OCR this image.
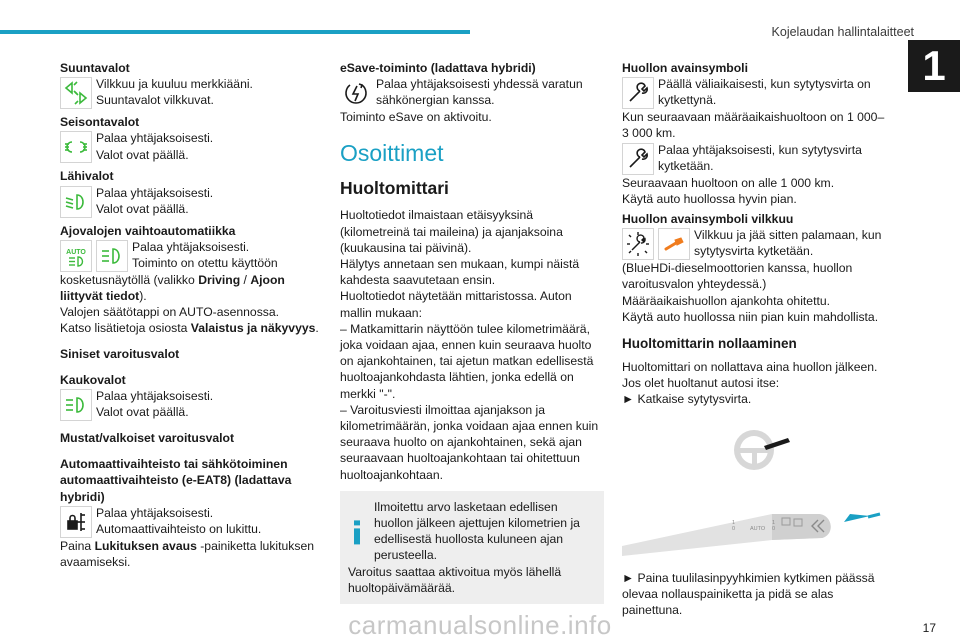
Kojelaudan hallintalaitteet
1

Suuntavalot

Vilkkuu ja kuuluu merkkiääni.

Suuntavalot vilkkuvat.

Seisontavalot

Palaa yhtäjaksoisesti.

Valot ovat päällä.

Lähivalot

Palaa yhtäjaksoisesti.

Valot ovat päällä.

Ajovalojen vaihtoautomatiikka

AUTO	Palaa yhtäjaksoisesti.

Toiminto on otettu käyttöön

kosketusnäytöllä (valikko Driving / Ajoon liittyvät tiedot).

Valojen säätötappi on AUTO-asennossa.

Katso lisätietoja osiosta Valaistus ja näkyvyys.

Siniset varoitusvalot

Kaukovalot

Palaa yhtäjaksoisesti.

Valot ovat päällä.

Mustat/valkoiset varoitusvalot

Automaattivaihteisto tai sähkötoiminen automaattivaihteisto (e-EAT8) (ladattava hybridi)

Palaa yhtäjaksoisesti.

Automaattivaihteisto on lukittu.

Paina Lukituksen avaus -painiketta lukituksen avaamiseksi.

eSave-toiminto (ladattava hybridi)

Palaa yhtäjaksoisesti yhdessä varatun sähkönergian kanssa.

Toiminto eSave on aktivoitu.

Osoittimet
Huoltomittari

Huoltotiedot ilmaistaan etäisyyksinä (kilometreinä tai maileina) ja ajanjaksoina (kuukausina tai päivinä).

Hälytys annetaan sen mukaan, kumpi näistä kahdesta saavutetaan ensin.

Huoltotiedot näytetään mittaristossa. Auton mallin mukaan:

– Matkamittarin näyttöön tulee kilometrimäärä, joka voidaan ajaa, ennen kuin seuraava huolto on ajankohtainen, tai ajetun matkan edellisestä huoltoajankohdasta lähtien, jonka edellä on merkki "-".

– Varoitusviesti ilmoittaa ajanjakson ja kilometrimäärän, jonka voidaan ajaa ennen kuin seuraava huolto on ajankohtainen, sekä ajan seuraavaan huoltoajankohtaan tai ohitettuun huoltoajankohtaan.

Ilmoitettu arvo lasketaan edellisen huollon jälkeen ajettujen kilometrien ja edellisestä huollosta kuluneen ajan perusteella.

Varoitus saattaa aktivoitua myös lähellä huoltopäivämäärää.

Huollon avainsymboli

Päällä väliaikaisesti, kun sytytysvirta on kytkettynä.

Kun seuraavaan määräaikaishuoltoon on 1 000–3 000 km.

Palaa yhtäjaksoisesti, kun sytytysvirta kytketään.

Seuraavaan huoltoon on alle 1 000 km.

Käytä auto huollossa hyvin pian.

Huollon avainsymboli vilkkuu

Vilkkuu ja jää sitten palamaan, kun sytytysvirta kytketään.

(BlueHDi-dieselmoottorien kanssa, huollon varoitusvalon yhteydessä.)

Määräaikaishuollon ajankohta ohitettu.

Käytä auto huollossa niin pian kuin mahdollista.

Huoltomittarin nollaaminen

Huoltomittari on nollattava aina huollon jälkeen.

Jos olet huoltanut autosi itse:

► Katkaise sytytysvirta.

0
1
AUTO 0
1

► Paina tuulilasinpyyhkimien kytkimen päässä olevaa nollauspainiketta ja pidä se alas painettuna.

17
carmanualsonline.info
